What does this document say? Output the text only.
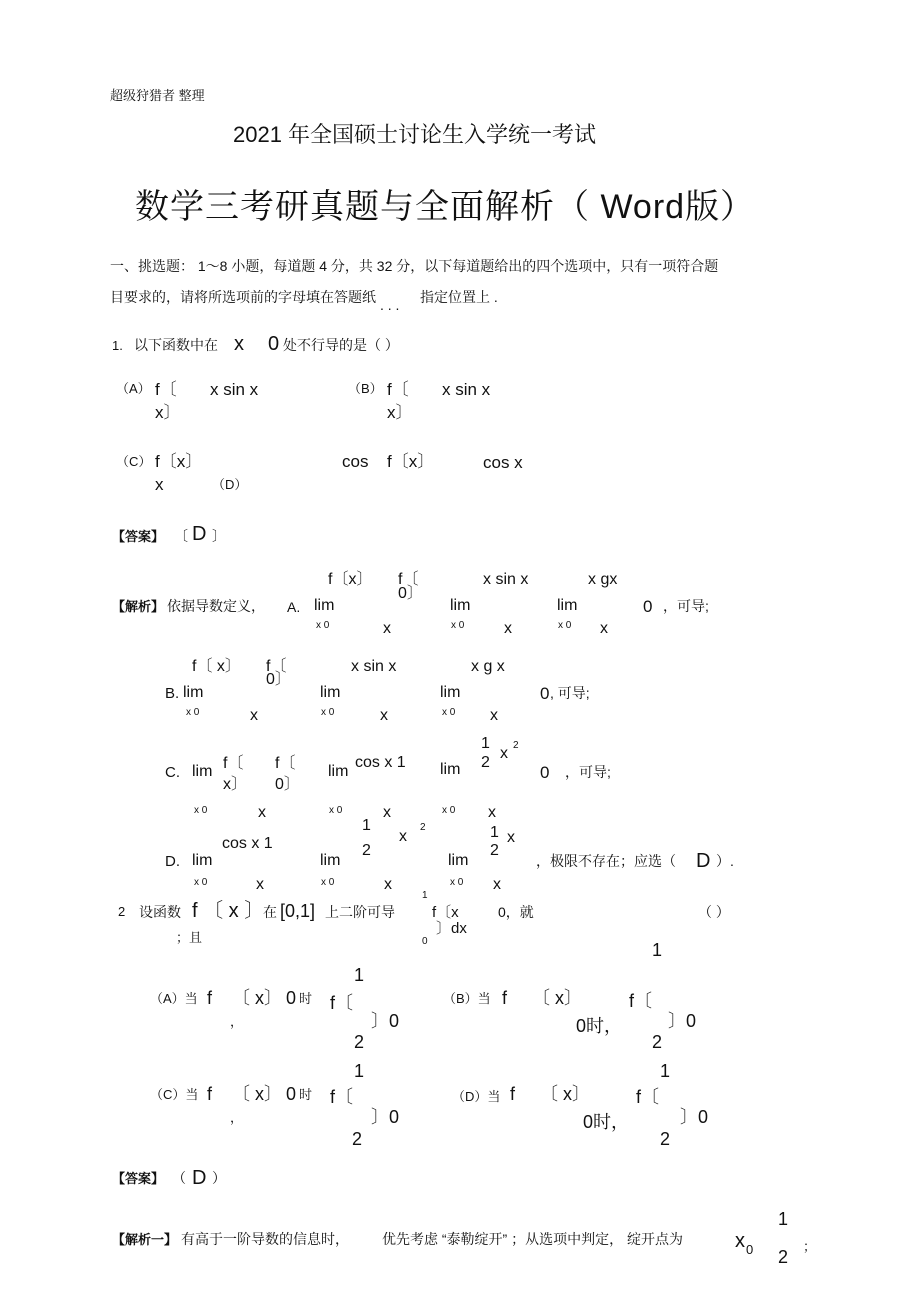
超级狩猎者 整理
2021 年全国硕士讨论生入学统一考试
数学三考研真题与全面解析（ Word版）
一、挑选题： 1～8 小题，每道题 4 分，共 32 分，以下每道题给出的四个选项中，只有一项符合题
目要求的，请将所选项前的字母填在答题纸 . . . 指定位置上 .
1. 以下函数中在 x 0 处不行导的是（ ）
（A） f〔 x sin x
x〕
（B） f〔 x sin x
x〕
（C） f〔x〕
x	（D）
cos f〔x〕	cos x
【答案】 〔 D 〕
f〔x〕 f〔
0〕
x sin x	x gx
【解析】 依据导数定义， A. lim	lim	lim	0 ，可导;
x 0	x 0	x 0
x	x	x
f〔 x〕 f〔
0〕
x sin x	x g x
B. lim	lim	lim	0 , 可导;
x 0	x 0	x 0
x	x	x
1 2
2
x
f〔 f〔	cos x 1
C. lim	lim	lim	0 ，可导;
x〕 0〕
x 0	x 0	x 0
x	x	x
1	2
x	1 x
cos x 1	2	2
D. lim	lim	lim	，极限不存在；应选（ D ）.
x 0	x 0	x 0
x	x	x
1
2 设函数 f 〔 x 〕
在 [0,1] 上二阶可导 f〔x	0，就	（ ）
〕dx
；且	0	1
1
（A）当 f 〔 x〕 0 时 f〔	（B）当 f 〔 x〕	f〔
，	〕0	〕0
0时，
2	2
1	1
（C）当 f 〔 x〕 0 时 f〔	（D）当 f 〔 x〕	f〔
，	〕0	〕0
0时，
2	2
【答案】 （ D ）
1
【解析一】 有高于一阶导数的信息时， 优先考虑 “泰勒绽开” ；从选项中判定， 绽开点为	x 0	；
2
